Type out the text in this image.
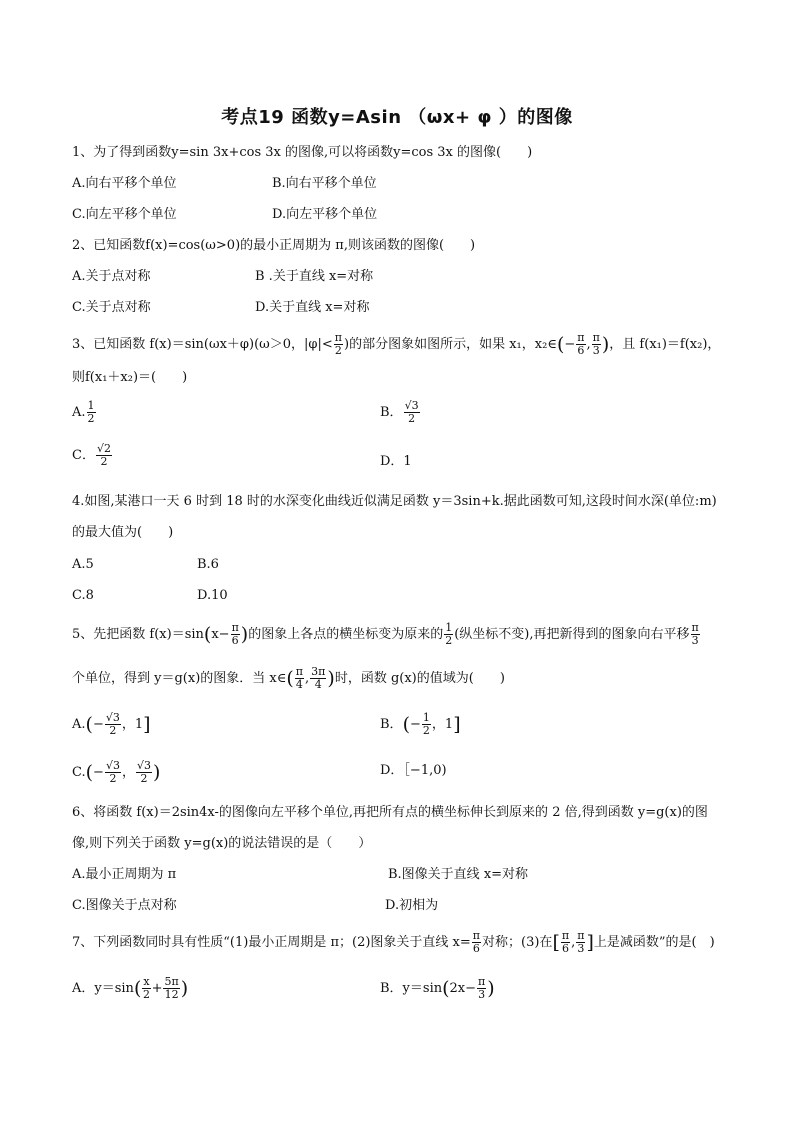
考点19 函数y=Asin （ωx+ φ ）的图像
1、为了得到函数y=sin 3x+cos 3x 的图像,可以将函数y=cos 3x 的图像(　　)
A.向右平移个单位	B.向右平移个单位
C.向左平移个单位	D.向左平移个单位
2、已知函数f(x)=cos(ω>0)的最小正周期为 π,则该函数的图像(　　)
A.关于点对称	B .关于直线 x=对称
C.关于点对称	D.关于直线 x=对称
3、已知函数 f(x)＝sin(ωx＋φ)(ω＞0，$|\varphi|< \frac{\pi}{2}$ )的部分图象如图所示，如果 x₁，x₂∈(− $\frac{\pi}{6}$ , $\frac{\pi}{3}$ )，且 f(x₁)＝f(x₂)，
则f(x₁＋x₂)＝(　　)
A. $\frac{1}{2}$	B． $\frac{√3}{2}$
C． $\frac{√2}{2}$	D．1
4.如图,某港口一天 6 时到 18 时的水深变化曲线近似满足函数 y＝3sin+k.据此函数可知,这段时间水深(单位:m)
的最大值为(　　)
A.5	B.6
C.8	D.10
5、先把函数 $f(x)=\sin(x- \frac{\pi}{6}$ )的图象上各点的横坐标变为原来的 $\frac{1}{2}$ (纵坐标不变),再把新得到的图象向右平移 $\frac{\pi}{3}$
个单位，得到 y＝g(x)的图象．当 x∈( $\frac{\pi}{4}$ , $\frac{3\pi}{4}$ )时，函数 g(x)的值域为(　　)
$A.(- \frac{√3}{2}$ ，1]	B．(− $\frac{1}{2}$ ，1]
$C.(- \frac{√3}{2}$ ， $\frac{√3}{2}$ )	D．［−1,0)
6、将函数 f(x)＝2sin4x-的图像向左平移个单位,再把所有点的横坐标伸长到原来的 2 倍,得到函数 y=g(x)的图
像,则下列关于函数 y=g(x)的说法错误的是（　　）
A.最小正周期为 π	B.图像关于直线 x=对称
C.图像关于点对称	D.初相为
7、下列函数同时具有性质“(1)最小正周期是 π；(2)图象关于直线 $x= \frac{\pi}{6}$ 对称；(3)在[ $\frac{\pi}{6}$ , $\frac{\pi}{3}$ ]上是减函数”的是(　)
A．$y=\sin( \frac{x}{2} + \frac{5\pi}{12}$ )	B．$y=\sin(2x- \frac{\pi}{3}$ )
